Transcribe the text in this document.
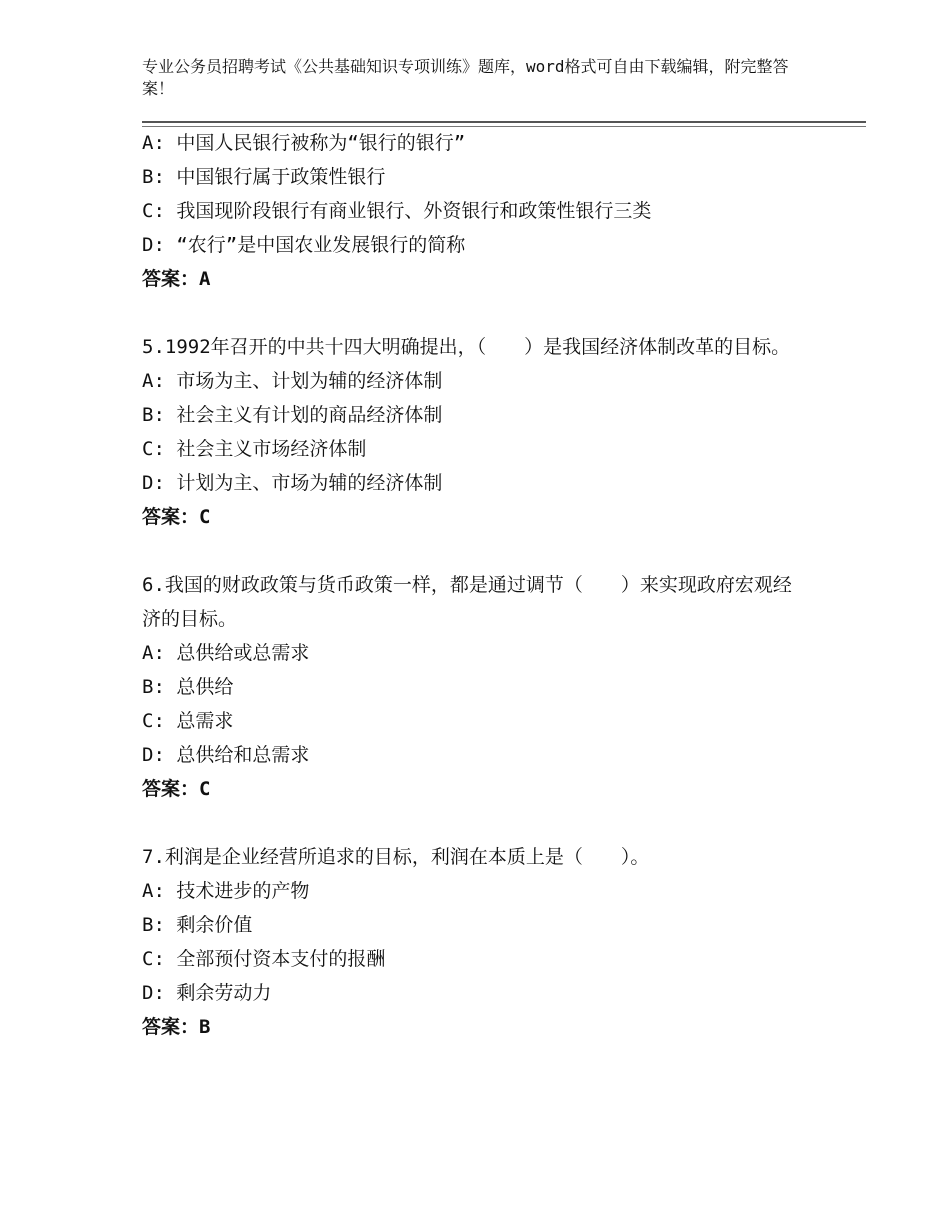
专业公务员招聘考试《公共基础知识专项训练》题库，word格式可自由下载编辑，附完整答案！
A: 中国人民银行被称为“银行的银行”
B: 中国银行属于政策性银行
C: 我国现阶段银行有商业银行、外资银行和政策性银行三类
D: “农行”是中国农业发展银行的简称
答案：A
5.1992年召开的中共十四大明确提出，（　　）是我国经济体制改革的目标。
A: 市场为主、计划为辅的经济体制
B: 社会主义有计划的商品经济体制
C: 社会主义市场经济体制
D: 计划为主、市场为辅的经济体制
答案：C
6.我国的财政政策与货币政策一样，都是通过调节（　　）来实现政府宏观经济的目标。
A: 总供给或总需求
B: 总供给
C: 总需求
D: 总供给和总需求
答案：C
7.利润是企业经营所追求的目标，利润在本质上是（　　）。
A: 技术进步的产物
B: 剩余价值
C: 全部预付资本支付的报酬
D: 剩余劳动力
答案：B
